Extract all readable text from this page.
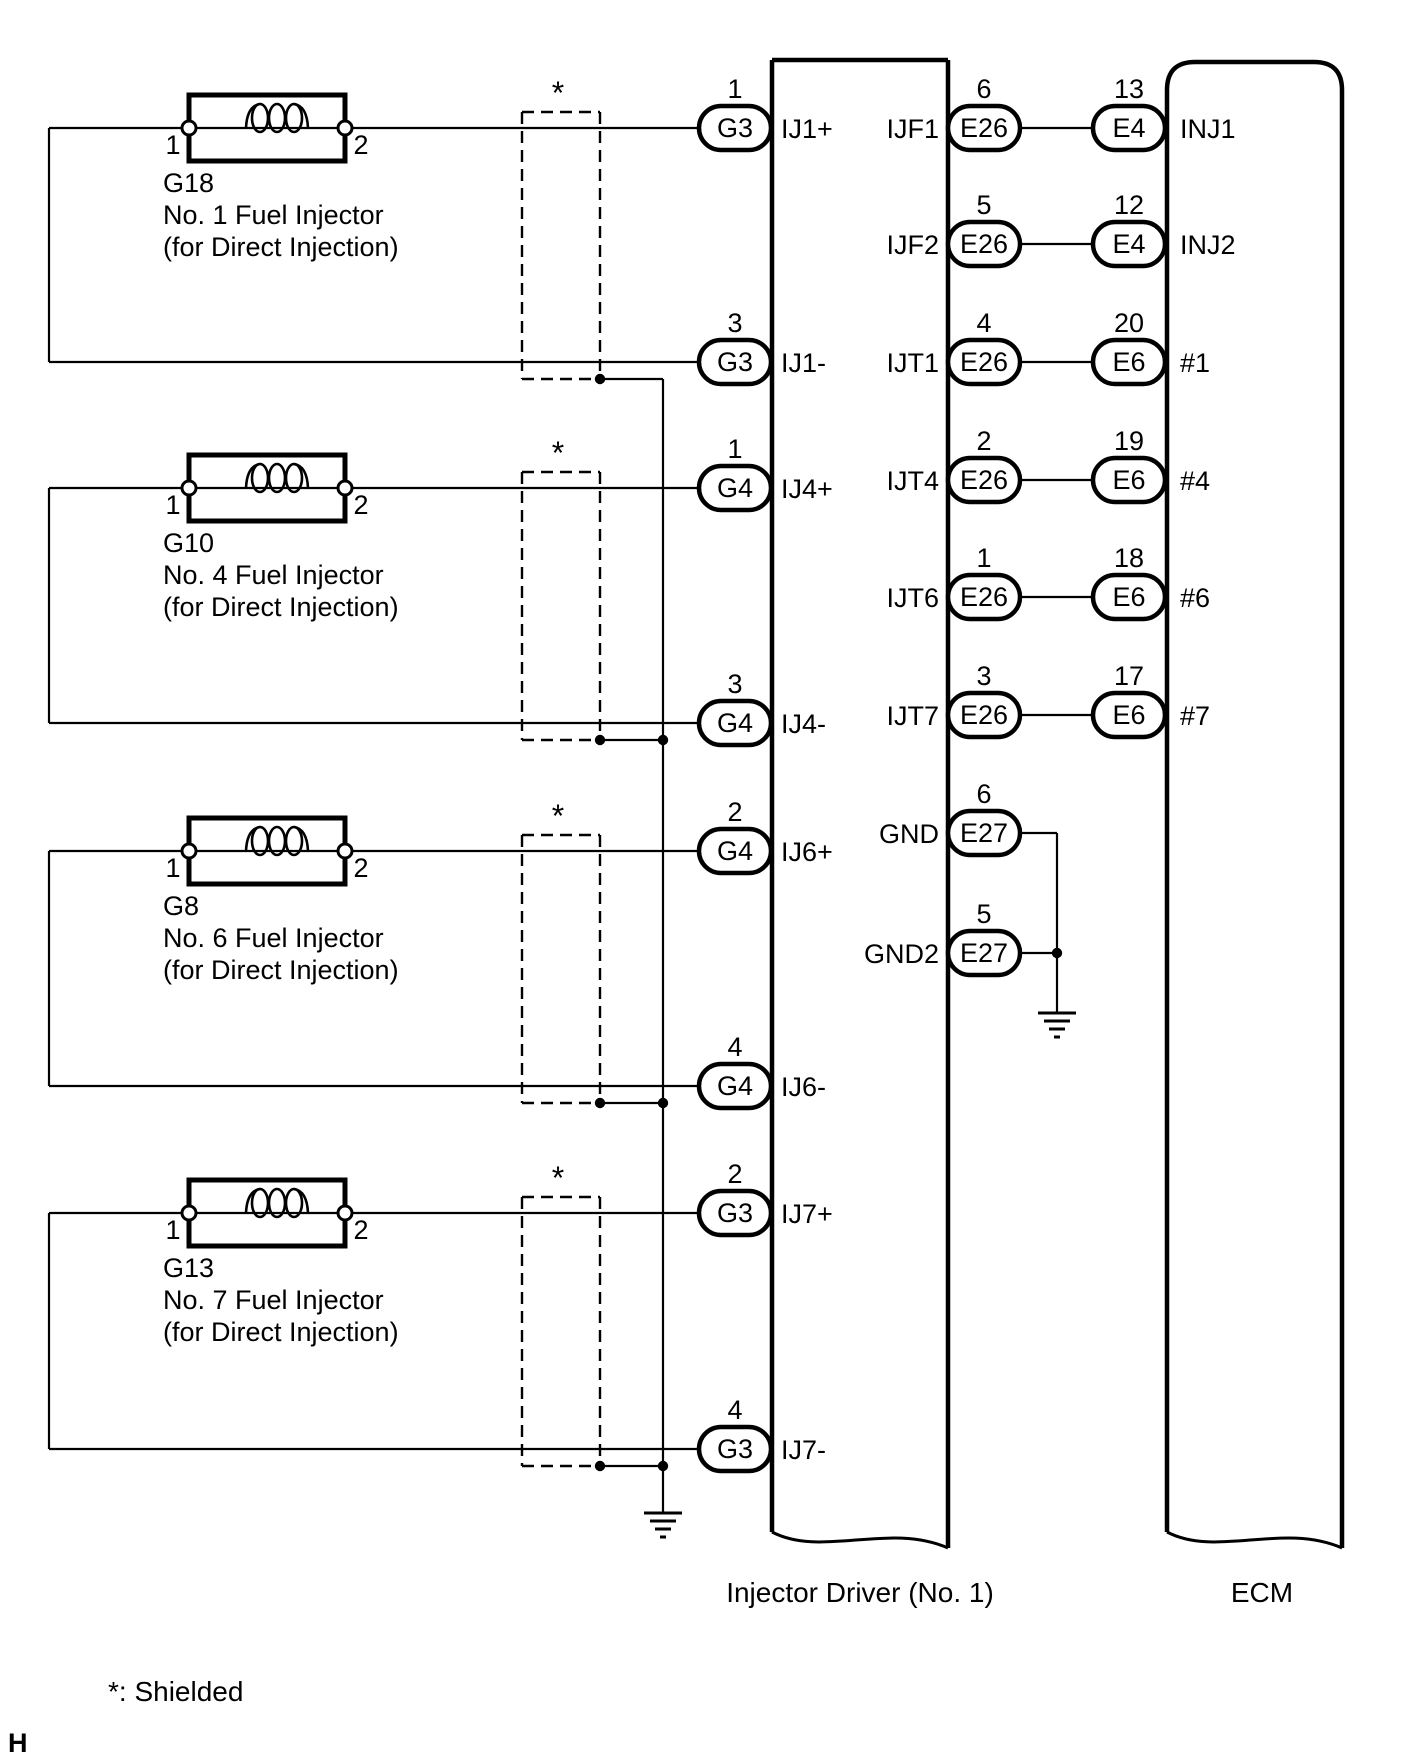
Injector Driver (No. 1)	ECM
1	2
G18
No. 1 Fuel Injector
(for Direct Injection)
*	1
G3 IJ1+
3
G3 IJ1-
1	2
G10
No. 4 Fuel Injector
(for Direct Injection)
*	1
G4 IJ4+
3
G4 IJ4-
1	2
G8
No. 6 Fuel Injector
(for Direct Injection)
*	2
G4 IJ6+
4
G4 IJ6-
1	2
G13
No. 7 Fuel Injector
(for Direct Injection)
*	2
G3 IJ7+
4
G3 IJ7-
IJF1
6	13
E4 INJ1
E26
IJF2
5	12
E4 INJ2
E26
IJT1
4	20
E6 #1
E26
IJT4
2	19
E6 #4
E26
IJT6
1	18
E6 #6
E26
IJT7
3	17
E6 #7
E26
GND
6
E27
GND2
5
E27
*: Shielded
H
